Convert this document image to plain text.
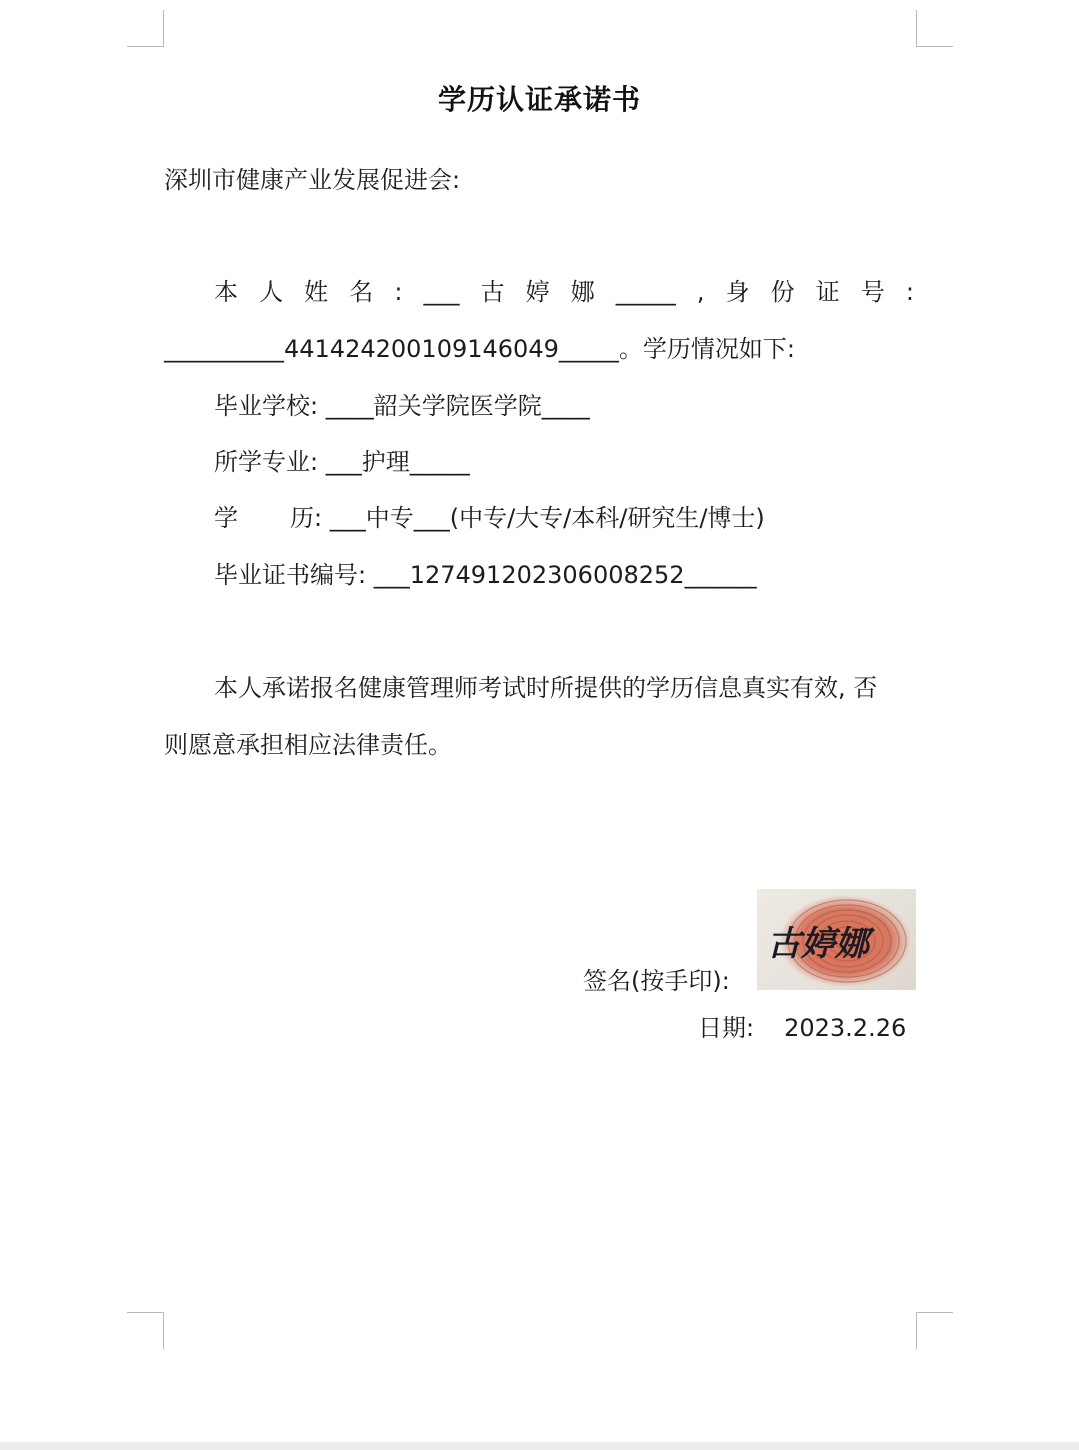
学历认证承诺书
深圳市健康产业发展促进会:
本 人 姓 名 : ___ 古 婷 娜 _____ , 身 份 证 号 :
__________441424200109146049_____。学历情况如下:
毕业学校: ____韶关学院医学院____
所学专业: ___护理_____
学 历: ___中专___(中专/大专/本科/研究生/博士)
毕业证书编号: ___127491202306008252______
本人承诺报名健康管理师考试时所提供的学历信息真实有效, 否
则愿意承担相应法律责任。
签名(按手印):
古婷娜
日期: 2023.2.26
